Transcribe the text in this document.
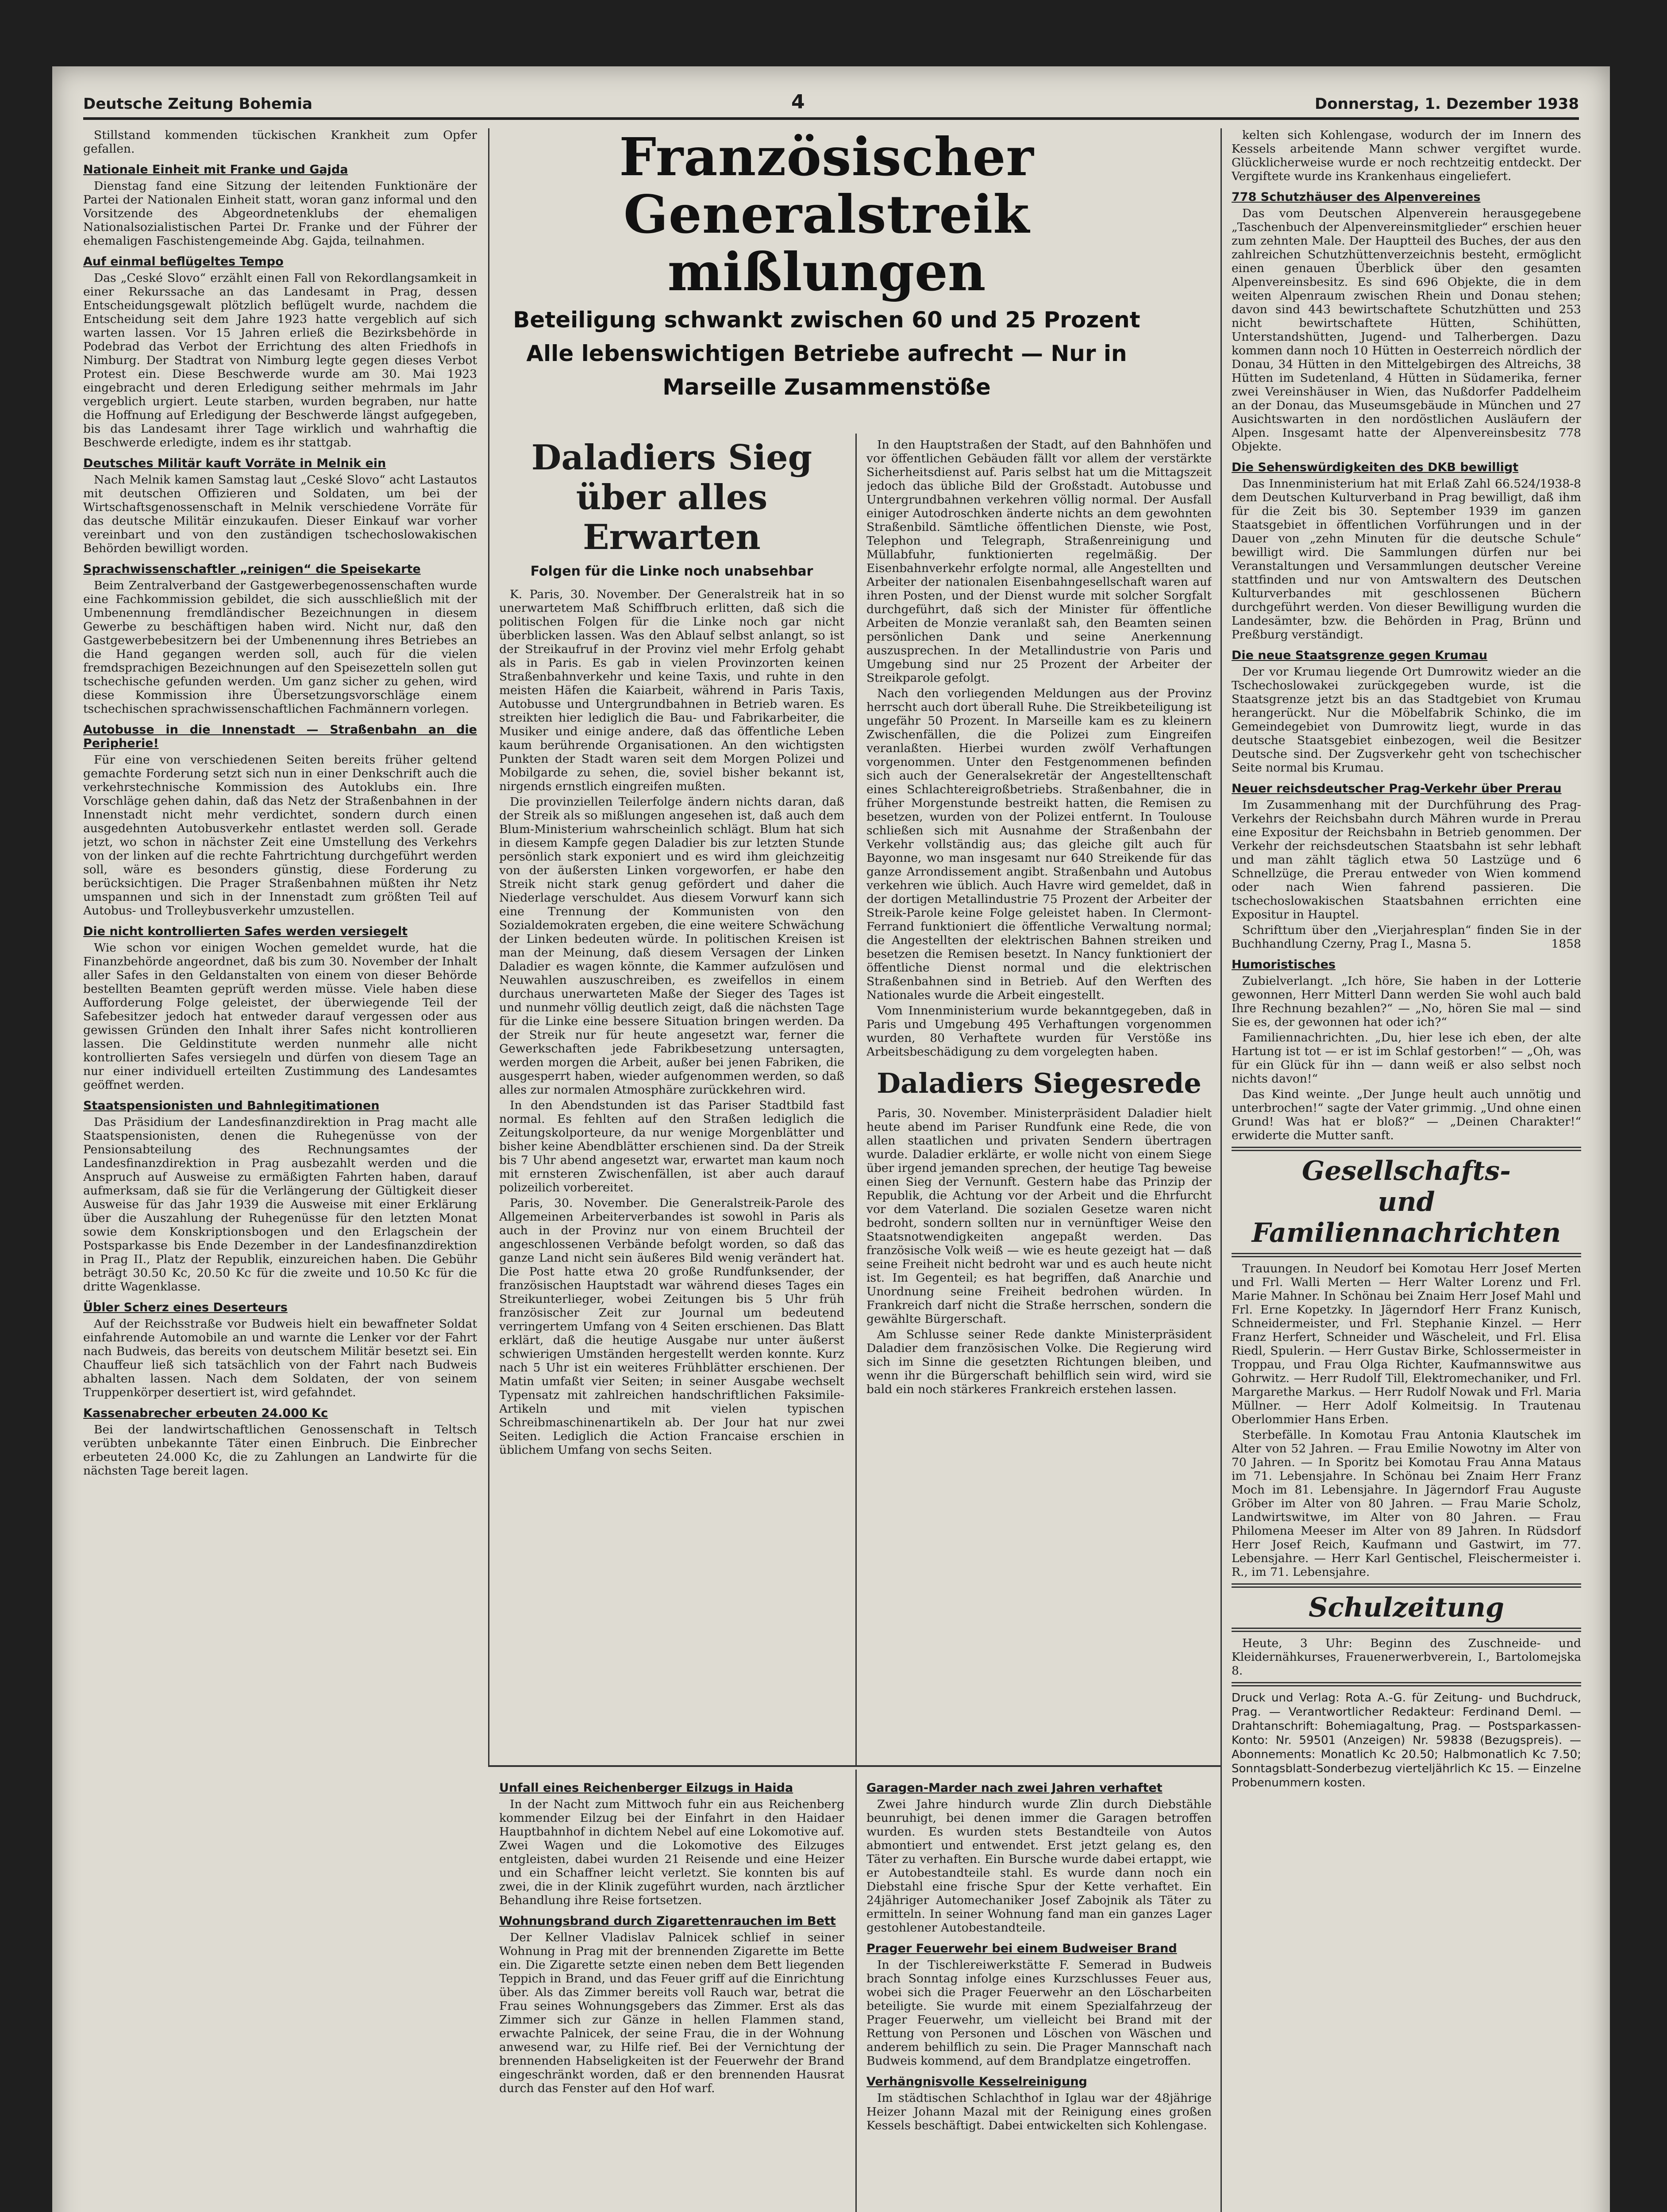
Deutsche Zeitung Bohemia	4	Donnerstag, 1. Dezember 1938
Französischer Generalstreik
mißlungen
Beteiligung schwankt zwischen 60 und 25 Prozent
Alle lebenswichtigen Betriebe aufrecht — Nur in
Marseille Zusammenstöße

Stillstand kommenden tückischen Krankheit zum Opfer gefallen.

Nationale Einheit mit Franke und Gajda

Dienstag fand eine Sitzung der leitenden Funktionäre der Partei der Nationalen Einheit statt, woran ganz informal und den Vorsitzende des Abgeordnetenklubs der ehemaligen Nationalsozialistischen Partei Dr. Franke und der Führer der ehemaligen Faschistengemeinde Abg. Gajda, teilnahmen.

Auf einmal beflügeltes Tempo

Das „Ceské Slovo“ erzählt einen Fall von Rekordlangsamkeit in einer Rekurssache an das Landesamt in Prag, dessen Entscheidungsgewalt plötzlich beflügelt wurde, nachdem die Entscheidung seit dem Jahre 1923 hatte vergeblich auf sich warten lassen. Vor 15 Jahren erließ die Bezirksbehörde in Podebrad das Verbot der Errichtung des alten Friedhofs in Nimburg. Der Stadtrat von Nimburg legte gegen dieses Verbot Protest ein. Diese Beschwerde wurde am 30. Mai 1923 eingebracht und deren Erledigung seither mehrmals im Jahr vergeblich urgiert. Leute starben, wurden begraben, nur hatte die Hoffnung auf Erledigung der Beschwerde längst aufgegeben, bis das Landesamt ihrer Tage wirklich und wahrhaftig die Beschwerde erledigte, indem es ihr stattgab.

Deutsches Militär kauft Vorräte in Melnik ein

Nach Melnik kamen Samstag laut „Ceské Slovo“ acht Lastautos mit deutschen Offizieren und Soldaten, um bei der Wirtschaftsgenossenschaft in Melnik verschiedene Vorräte für das deutsche Militär einzukaufen. Dieser Einkauf war vorher vereinbart und von den zuständigen tschechoslowakischen Behörden bewilligt worden.

Sprachwissenschaftler „reinigen“ die Speisekarte

Beim Zentralverband der Gastgewerbegenossenschaften wurde eine Fachkommission gebildet, die sich ausschließlich mit der Umbenennung fremdländischer Bezeichnungen in diesem Gewerbe zu beschäftigen haben wird. Nicht nur, daß den Gastgewerbebesitzern bei der Umbenennung ihres Betriebes an die Hand gegangen werden soll, auch für die vielen fremdsprachigen Bezeichnungen auf den Speisezetteln sollen gut tschechische gefunden werden. Um ganz sicher zu gehen, wird diese Kommission ihre Übersetzungsvorschläge einem tschechischen sprachwissenschaftlichen Fachmännern vorlegen.

Autobusse in die Innenstadt — Straßenbahn an die Peripherie!

Für eine von verschiedenen Seiten bereits früher geltend gemachte Forderung setzt sich nun in einer Denkschrift auch die verkehrstechnische Kommission des Autoklubs ein. Ihre Vorschläge gehen dahin, daß das Netz der Straßenbahnen in der Innenstadt nicht mehr verdichtet, sondern durch einen ausgedehnten Autobusverkehr entlastet werden soll. Gerade jetzt, wo schon in nächster Zeit eine Umstellung des Verkehrs von der linken auf die rechte Fahrtrichtung durchgeführt werden soll, wäre es besonders günstig, diese Forderung zu berücksichtigen. Die Prager Straßenbahnen müßten ihr Netz umspannen und sich in der Innenstadt zum größten Teil auf Autobus- und Trolleybusverkehr umzustellen.

Die nicht kontrollierten Safes werden versiegelt

Wie schon vor einigen Wochen gemeldet wurde, hat die Finanzbehörde angeordnet, daß bis zum 30. November der Inhalt aller Safes in den Geldanstalten von einem von dieser Behörde bestellten Beamten geprüft werden müsse. Viele haben diese Aufforderung Folge geleistet, der überwiegende Teil der Safebesitzer jedoch hat entweder darauf vergessen oder aus gewissen Gründen den Inhalt ihrer Safes nicht kontrollieren lassen. Die Geldinstitute werden nunmehr alle nicht kontrollierten Safes versiegeln und dürfen von diesem Tage an nur einer individuell erteilten Zustimmung des Landesamtes geöffnet werden.

Staatspensionisten und Bahnlegitimationen

Das Präsidium der Landesfinanzdirektion in Prag macht alle Staatspensionisten, denen die Ruhegenüsse von der Pensionsabteilung des Rechnungsamtes der Landesfinanzdirektion in Prag ausbezahlt werden und die Anspruch auf Ausweise zu ermäßigten Fahrten haben, darauf aufmerksam, daß sie für die Verlängerung der Gültigkeit dieser Ausweise für das Jahr 1939 die Ausweise mit einer Erklärung über die Auszahlung der Ruhegenüsse für den letzten Monat sowie dem Konskriptionsbogen und den Erlagschein der Postsparkasse bis Ende Dezember in der Landesfinanzdirektion in Prag II., Platz der Republik, einzureichen haben. Die Gebühr beträgt 30.50 Kc, 20.50 Kc für die zweite und 10.50 Kc für die dritte Wagenklasse.

Übler Scherz eines Deserteurs

Auf der Reichsstraße vor Budweis hielt ein bewaffneter Soldat einfahrende Automobile an und warnte die Lenker vor der Fahrt nach Budweis, das bereits von deutschem Militär besetzt sei. Ein Chauffeur ließ sich tatsächlich von der Fahrt nach Budweis abhalten lassen. Nach dem Soldaten, der von seinem Truppenkörper desertiert ist, wird gefahndet.

Kassenabrecher erbeuten 24.000 Kc

Bei der landwirtschaftlichen Genossenschaft in Teltsch verübten unbekannte Täter einen Einbruch. Die Einbrecher erbeuteten 24.000 Kc, die zu Zahlungen an Landwirte für die nächsten Tage bereit lagen.

Daladiers Sieg über alles Erwarten
Folgen für die Linke noch unabsehbar

K. Paris, 30. November. Der Generalstreik hat in so unerwartetem Maß Schiffbruch erlitten, daß sich die politischen Folgen für die Linke noch gar nicht überblicken lassen. Was den Ablauf selbst anlangt, so ist der Streikaufruf in der Provinz viel mehr Erfolg gehabt als in Paris. Es gab in vielen Provinzorten keinen Straßenbahnverkehr und keine Taxis, und ruhte in den meisten Häfen die Kaiarbeit, während in Paris Taxis, Autobusse und Untergrundbahnen in Betrieb waren. Es streikten hier lediglich die Bau- und Fabrikarbeiter, die Musiker und einige andere, daß das öffentliche Leben kaum berührende Organisationen. An den wichtigsten Punkten der Stadt waren seit dem Morgen Polizei und Mobilgarde zu sehen, die, soviel bisher bekannt ist, nirgends ernstlich eingreifen mußten.

Die provinziellen Teilerfolge ändern nichts daran, daß der Streik als so mißlungen angesehen ist, daß auch dem Blum-Ministerium wahrscheinlich schlägt. Blum hat sich in diesem Kampfe gegen Daladier bis zur letzten Stunde persönlich stark exponiert und es wird ihm gleichzeitig von der äußersten Linken vorgeworfen, er habe den Streik nicht stark genug gefördert und daher die Niederlage verschuldet. Aus diesem Vorwurf kann sich eine Trennung der Kommunisten von den Sozialdemokraten ergeben, die eine weitere Schwächung der Linken bedeuten würde. In politischen Kreisen ist man der Meinung, daß diesem Versagen der Linken Daladier es wagen könnte, die Kammer aufzulösen und Neuwahlen auszuschreiben, es zweifellos in einem durchaus unerwarteten Maße der Sieger des Tages ist und nunmehr völlig deutlich zeigt, daß die nächsten Tage für die Linke eine bessere Situation bringen werden. Da der Streik nur für heute angesetzt war, ferner die Gewerkschaften jede Fabrikbesetzung untersagten, werden morgen die Arbeit, außer bei jenen Fabriken, die ausgesperrt haben, wieder aufgenommen werden, so daß alles zur normalen Atmosphäre zurückkehren wird.

In den Abendstunden ist das Pariser Stadtbild fast normal. Es fehlten auf den Straßen lediglich die Zeitungskolporteure, da nur wenige Morgenblätter und bisher keine Abendblätter erschienen sind. Da der Streik bis 7 Uhr abend angesetzt war, erwartet man kaum noch mit ernsteren Zwischenfällen, ist aber auch darauf polizeilich vorbereitet.

Paris, 30. November. Die Generalstreik-Parole des Allgemeinen Arbeiterverbandes ist sowohl in Paris als auch in der Provinz nur von einem Bruchteil der angeschlossenen Verbände befolgt worden, so daß das ganze Land nicht sein äußeres Bild wenig verändert hat. Die Post hatte etwa 20 große Rundfunksender, der französischen Hauptstadt war während dieses Tages ein Streikunterlieger, wobei Zeitungen bis 5 Uhr früh französischer Zeit zur Journal um bedeutend verringertem Umfang von 4 Seiten erschienen. Das Blatt erklärt, daß die heutige Ausgabe nur unter äußerst schwierigen Umständen hergestellt werden konnte. Kurz nach 5 Uhr ist ein weiteres Frühblätter erschienen. Der Matin umfaßt vier Seiten; in seiner Ausgabe wechselt Typensatz mit zahlreichen handschriftlichen Faksimile-Artikeln und mit vielen typischen Schreibmaschinenartikeln ab. Der Jour hat nur zwei Seiten. Lediglich die Action Francaise erschien in üblichem Umfang von sechs Seiten.

In den Hauptstraßen der Stadt, auf den Bahnhöfen und vor öffentlichen Gebäuden fällt vor allem der verstärkte Sicherheitsdienst auf. Paris selbst hat um die Mittagszeit jedoch das übliche Bild der Großstadt. Autobusse und Untergrundbahnen verkehren völlig normal. Der Ausfall einiger Autodroschken änderte nichts an dem gewohnten Straßenbild. Sämtliche öffentlichen Dienste, wie Post, Telephon und Telegraph, Straßenreinigung und Müllabfuhr, funktionierten regelmäßig. Der Eisenbahnverkehr erfolgte normal, alle Angestellten und Arbeiter der nationalen Eisenbahngesellschaft waren auf ihren Posten, und der Dienst wurde mit solcher Sorgfalt durchgeführt, daß sich der Minister für öffentliche Arbeiten de Monzie veranlaßt sah, den Beamten seinen persönlichen Dank und seine Anerkennung auszusprechen. In der Metallindustrie von Paris und Umgebung sind nur 25 Prozent der Arbeiter der Streikparole gefolgt.

Nach den vorliegenden Meldungen aus der Provinz herrscht auch dort überall Ruhe. Die Streikbeteiligung ist ungefähr 50 Prozent. In Marseille kam es zu kleinern Zwischenfällen, die die Polizei zum Eingreifen veranlaßten. Hierbei wurden zwölf Verhaftungen vorgenommen. Unter den Festgenommenen befinden sich auch der Generalsekretär der Angestelltenschaft eines Schlachtereigroßbetriebs. Straßenbahner, die in früher Morgenstunde bestreikt hatten, die Remisen zu besetzen, wurden von der Polizei entfernt. In Toulouse schließen sich mit Ausnahme der Straßenbahn der Verkehr vollständig aus; das gleiche gilt auch für Bayonne, wo man insgesamt nur 640 Streikende für das ganze Arrondissement angibt. Straßenbahn und Autobus verkehren wie üblich. Auch Havre wird gemeldet, daß in der dortigen Metallindustrie 75 Prozent der Arbeiter der Streik-Parole keine Folge geleistet haben. In Clermont-Ferrand funktioniert die öffentliche Verwaltung normal; die Angestellten der elektrischen Bahnen streiken und besetzen die Remisen besetzt. In Nancy funktioniert der öffentliche Dienst normal und die elektrischen Straßenbahnen sind in Betrieb. Auf den Werften des Nationales wurde die Arbeit eingestellt.

Vom Innenministerium wurde bekanntgegeben, daß in Paris und Umgebung 495 Verhaftungen vorgenommen wurden, 80 Verhaftete wurden für Verstöße ins Arbeitsbeschädigung zu dem vorgelegten haben.

Daladiers Siegesrede

Paris, 30. November. Ministerpräsident Daladier hielt heute abend im Pariser Rundfunk eine Rede, die von allen staatlichen und privaten Sendern übertragen wurde. Daladier erklärte, er wolle nicht von einem Siege über irgend jemanden sprechen, der heutige Tag beweise einen Sieg der Vernunft. Gestern habe das Prinzip der Republik, die Achtung vor der Arbeit und die Ehrfurcht vor dem Vaterland. Die sozialen Gesetze waren nicht bedroht, sondern sollten nur in vernünftiger Weise den Staatsnotwendigkeiten angepaßt werden. Das französische Volk weiß — wie es heute gezeigt hat — daß seine Freiheit nicht bedroht war und es auch heute nicht ist. Im Gegenteil; es hat begriffen, daß Anarchie und Unordnung seine Freiheit bedrohen würden. In Frankreich darf nicht die Straße herrschen, sondern die gewählte Bürgerschaft.

Am Schlusse seiner Rede dankte Ministerpräsident Daladier dem französischen Volke. Die Regierung wird sich im Sinne die gesetzten Richtungen bleiben, und wenn ihr die Bürgerschaft behilflich sein wird, wird sie bald ein noch stärkeres Frankreich erstehen lassen.

kelten sich Kohlengase, wodurch der im Innern des Kessels arbeitende Mann schwer vergiftet wurde. Glücklicherweise wurde er noch rechtzeitig entdeckt. Der Vergiftete wurde ins Krankenhaus eingeliefert.

778 Schutzhäuser des Alpenvereines

Das vom Deutschen Alpenverein herausgegebene „Taschenbuch der Alpenvereinsmitglieder“ erschien heuer zum zehnten Male. Der Hauptteil des Buches, der aus den zahlreichen Schutzhüttenverzeichnis besteht, ermöglicht einen genauen Überblick über den gesamten Alpenvereinsbesitz. Es sind 696 Objekte, die in dem weiten Alpenraum zwischen Rhein und Donau stehen; davon sind 443 bewirtschaftete Schutzhütten und 253 nicht bewirtschaftete Hütten, Schihütten, Unterstandshütten, Jugend- und Talherbergen. Dazu kommen dann noch 10 Hütten in Oesterreich nördlich der Donau, 34 Hütten in den Mittelgebirgen des Altreichs, 38 Hütten im Sudetenland, 4 Hütten in Südamerika, ferner zwei Vereinshäuser in Wien, das Nußdorfer Paddelheim an der Donau, das Museumsgebäude in München und 27 Ausichtswarten in den nordöstlichen Ausläufern der Alpen. Insgesamt hatte der Alpenvereinsbesitz 778 Objekte.

Die Sehenswürdigkeiten des DKB bewilligt

Das Innenministerium hat mit Erlaß Zahl 66.524/1938-8 dem Deutschen Kulturverband in Prag bewilligt, daß ihm für die Zeit bis 30. September 1939 im ganzen Staatsgebiet in öffentlichen Vorführungen und in der Dauer von „zehn Minuten für die deutsche Schule“ bewilligt wird. Die Sammlungen dürfen nur bei Veranstaltungen und Versammlungen deutscher Vereine stattfinden und nur von Amtswaltern des Deutschen Kulturverbandes mit geschlossenen Büchern durchgeführt werden. Von dieser Bewilligung wurden die Landesämter, bzw. die Behörden in Prag, Brünn und Preßburg verständigt.

Die neue Staatsgrenze gegen Krumau

Der vor Krumau liegende Ort Dumrowitz wieder an die Tschechoslowakei zurückgegeben wurde, ist die Staatsgrenze jetzt bis an das Stadtgebiet von Krumau herangerückt. Nur die Möbelfabrik Schinko, die im Gemeindegebiet von Dumrowitz liegt, wurde in das deutsche Staatsgebiet einbezogen, weil die Besitzer Deutsche sind. Der Zugsverkehr geht von tschechischer Seite normal bis Krumau.

Neuer reichsdeutscher Prag-Verkehr über Prerau

Im Zusammenhang mit der Durchführung des Prag-Verkehrs der Reichsbahn durch Mähren wurde in Prerau eine Expositur der Reichsbahn in Betrieb genommen. Der Verkehr der reichsdeutschen Staatsbahn ist sehr lebhaft und man zählt täglich etwa 50 Lastzüge und 6 Schnellzüge, die Prerau entweder von Wien kommend oder nach Wien fahrend passieren. Die tschechoslowakischen Staatsbahnen errichten eine Expositur in Hauptel.

Schrifttum über den „Vierjahresplan“ finden Sie in der Buchhandlung Czerny, Prag I., Masna 5.	1858

Humoristisches

Zubielverlangt. „Ich höre, Sie haben in der Lotterie gewonnen, Herr Mitterl Dann werden Sie wohl auch bald Ihre Rechnung bezahlen?“ — „No, hören Sie mal — sind Sie es, der gewonnen hat oder ich?“

Familiennachrichten. „Du, hier lese ich eben, der alte Hartung ist tot — er ist im Schlaf gestorben!“ — „Oh, was für ein Glück für ihn — dann weiß er also selbst noch nichts davon!“

Das Kind weinte. „Der Junge heult auch unnötig und unterbrochen!“ sagte der Vater grimmig. „Und ohne einen Grund! Was hat er bloß?“ — „Deinen Charakter!“ erwiderte die Mutter sanft.

Gesellschafts-
und Familiennachrichten

Trauungen. In Neudorf bei Komotau Herr Josef Merten und Frl. Walli Merten — Herr Walter Lorenz und Frl. Marie Mahner. In Schönau bei Znaim Herr Josef Mahl und Frl. Erne Kopetzky. In Jägerndorf Herr Franz Kunisch, Schneidermeister, und Frl. Stephanie Kinzel. — Herr Franz Herfert, Schneider und Wäscheleit, und Frl. Elisa Riedl, Spulerin. — Herr Gustav Birke, Schlossermeister in Troppau, und Frau Olga Richter, Kaufmannswitwe aus Gohrwitz. — Herr Rudolf Till, Elektromechaniker, und Frl. Margarethe Markus. — Herr Rudolf Nowak und Frl. Maria Müllner. — Herr Adolf Kolmeitsig. In Trautenau Oberlommier Hans Erben.

Sterbefälle. In Komotau Frau Antonia Klautschek im Alter von 52 Jahren. — Frau Emilie Nowotny im Alter von 70 Jahren. — In Sporitz bei Komotau Frau Anna Mataus im 71. Lebensjahre. In Schönau bei Znaim Herr Franz Moch im 81. Lebensjahre. In Jägerndorf Frau Auguste Gröber im Alter von 80 Jahren. — Frau Marie Scholz, Landwirtswitwe, im Alter von 80 Jahren. — Frau Philomena Meeser im Alter von 89 Jahren. In Rüdsdorf Herr Josef Reich, Kaufmann und Gastwirt, im 77. Lebensjahre. — Herr Karl Gentischel, Fleischermeister i. R., im 71. Lebensjahre.

Schulzeitung

Heute, 3 Uhr: Beginn des Zuschneide- und Kleidernähkurses, Frauenerwerbverein, I., Bartolomejska 8.

Druck und Verlag: Rota A.-G. für Zeitung- und Buchdruck, Prag. — Verantwortlicher Redakteur: Ferdinand Deml. — Drahtanschrift: Bohemiagaltung, Prag. — Postsparkassen-Konto: Nr. 59501 (Anzeigen) Nr. 59838 (Bezugspreis). — Abonnements: Monatlich Kc 20.50; Halbmonatlich Kc 7.50; Sonntagsblatt-Sonderbezug vierteljährlich Kc 15. — Einzelne Probenummern kosten.
Unfall eines Reichenberger Eilzugs in Haida

In der Nacht zum Mittwoch fuhr ein aus Reichenberg kommender Eilzug bei der Einfahrt in den Haidaer Hauptbahnhof in dichtem Nebel auf eine Lokomotive auf. Zwei Wagen und die Lokomotive des Eilzuges entgleisten, dabei wurden 21 Reisende und eine Heizer und ein Schaffner leicht verletzt. Sie konnten bis auf zwei, die in der Klinik zugeführt wurden, nach ärztlicher Behandlung ihre Reise fortsetzen.

Wohnungsbrand durch Zigarettenrauchen im Bett

Der Kellner Vladislav Palnicek schlief in seiner Wohnung in Prag mit der brennenden Zigarette im Bette ein. Die Zigarette setzte einen neben dem Bett liegenden Teppich in Brand, und das Feuer griff auf die Einrichtung über. Als das Zimmer bereits voll Rauch war, betrat die Frau seines Wohnungsgebers das Zimmer. Erst als das Zimmer sich zur Gänze in hellen Flammen stand, erwachte Palnicek, der seine Frau, die in der Wohnung anwesend war, zu Hilfe rief. Bei der Vernichtung der brennenden Habseligkeiten ist der Feuerwehr der Brand eingeschränkt worden, daß er den brennenden Hausrat durch das Fenster auf den Hof warf.

Garagen-Marder nach zwei Jahren verhaftet

Zwei Jahre hindurch wurde Zlin durch Diebstähle beunruhigt, bei denen immer die Garagen betroffen wurden. Es wurden stets Bestandteile von Autos abmontiert und entwendet. Erst jetzt gelang es, den Täter zu verhaften. Ein Bursche wurde dabei ertappt, wie er Autobestandteile stahl. Es wurde dann noch ein Diebstahl eine frische Spur der Kette verhaftet. Ein 24jähriger Automechaniker Josef Zabojnik als Täter zu ermitteln. In seiner Wohnung fand man ein ganzes Lager gestohlener Autobestandteile.

Prager Feuerwehr bei einem Budweiser Brand

In der Tischlereiwerkstätte F. Semerad in Budweis brach Sonntag infolge eines Kurzschlusses Feuer aus, wobei sich die Prager Feuerwehr an den Löscharbeiten beteiligte. Sie wurde mit einem Spezialfahrzeug der Prager Feuerwehr, um vielleicht bei Brand mit der Rettung von Personen und Löschen von Wäschen und anderem behilflich zu sein. Die Prager Mannschaft nach Budweis kommend, auf dem Brandplatze eingetroffen.

Verhängnisvolle Kesselreinigung

Im städtischen Schlachthof in Iglau war der 48jährige Heizer Johann Mazal mit der Reinigung eines großen Kessels beschäftigt. Dabei entwickelten sich Kohlengase.
